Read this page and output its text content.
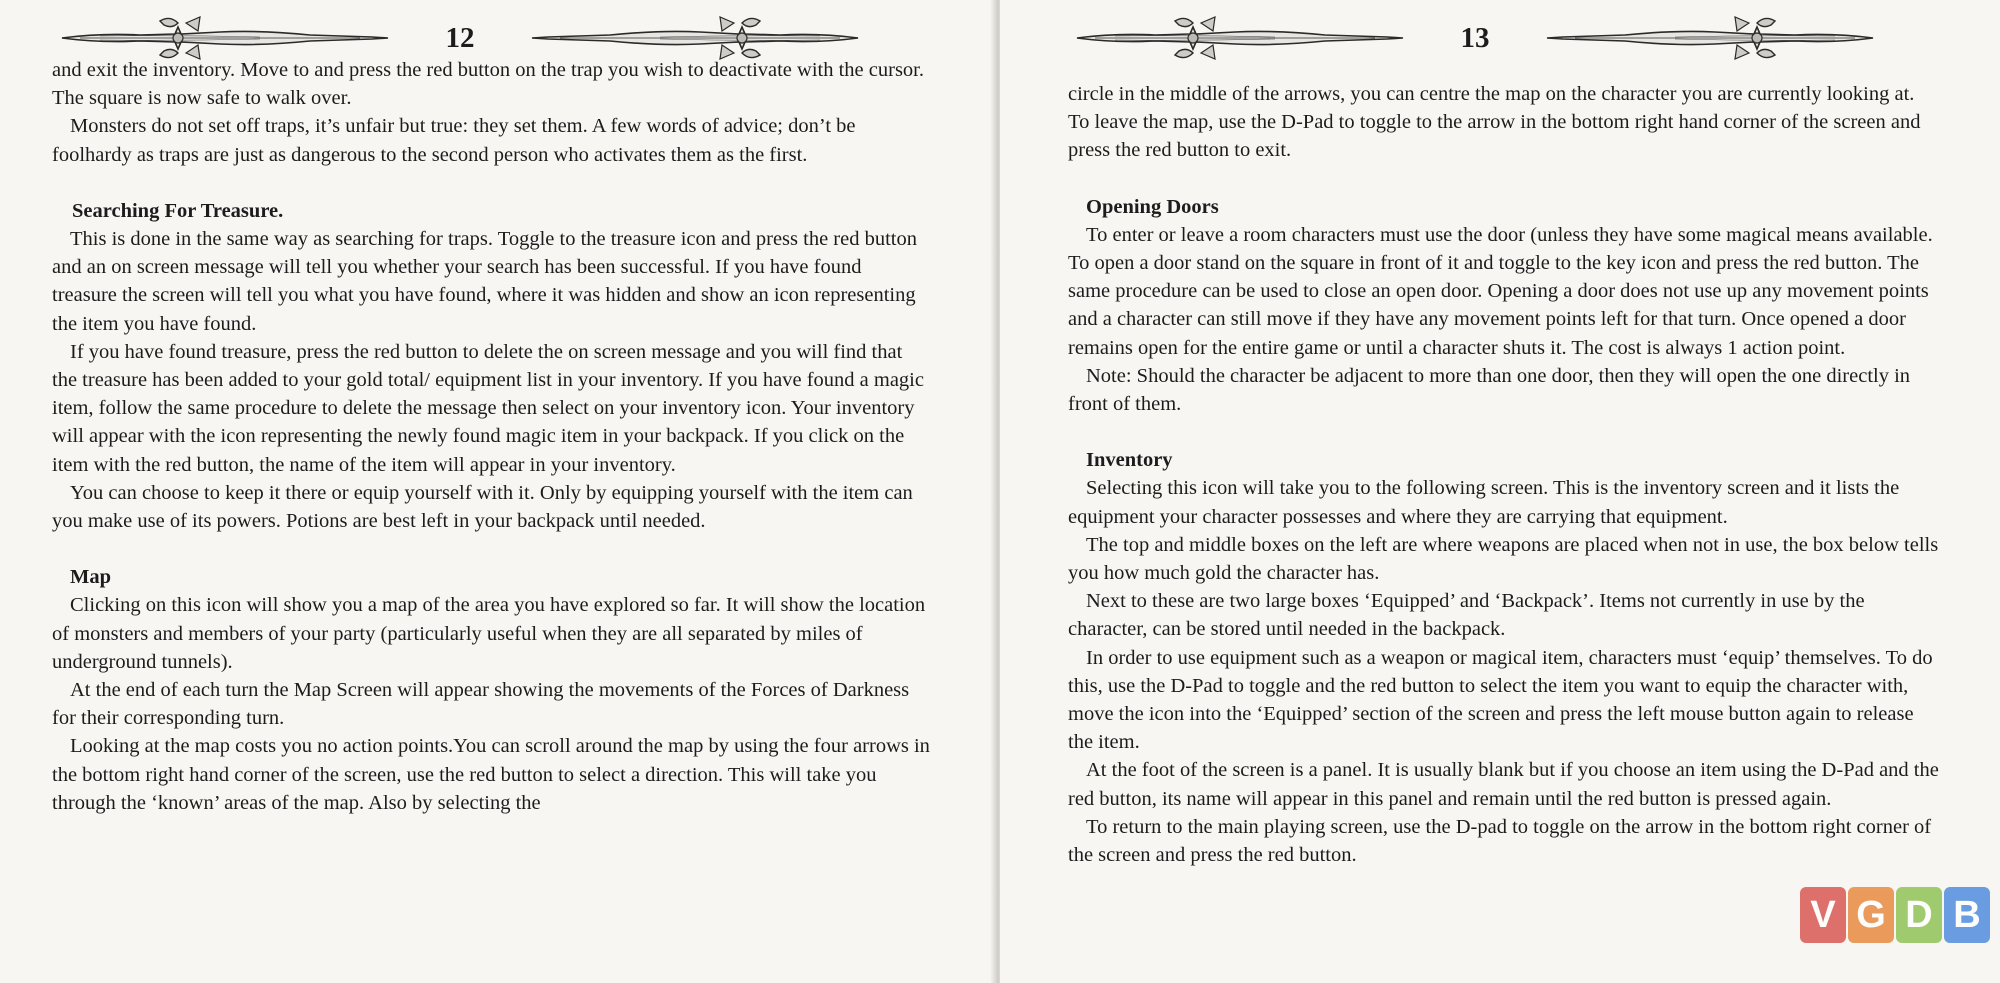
12

and exit the inventory. Move to and press the red button on the trap you wish to deactivate with the cursor. The square is now safe to walk over.

Monsters do not set off traps, it’s unfair but true: they set them. A few words of advice; don’t be foolhardy as traps are just as dangerous to the second person who activates them as the first.

Searching For Treasure.

This is done in the same way as searching for traps. Toggle to the treasure icon and press the red button and an on screen message will tell you whether your search has been successful. If you have found treasure the screen will tell you what you have found, where it was hidden and show an icon representing the item you have found.

If you have found treasure, press the red button to delete the on screen message and you will find that the treasure has been added to your gold total/ equipment list in your inventory. If you have found a magic item, follow the same procedure to delete the message then select on your inventory icon. Your inventory will appear with the icon representing the newly found magic item in your backpack. If you click on the item with the red button, the name of the item will appear in your inventory.

You can choose to keep it there or equip yourself with it. Only by equipping yourself with the item can you make use of its powers. Potions are best left in your backpack until needed.

Map

Clicking on this icon will show you a map of the area you have explored so far. It will show the location of monsters and members of your party (particularly useful when they are all separated by miles of underground tunnels).

At the end of each turn the Map Screen will appear showing the movements of the Forces of Darkness for their corresponding turn.

Looking at the map costs you no action points.You can scroll around the map by using the four arrows in the bottom right hand corner of the screen, use the red button to select a direction. This will take you through the ‘known’ areas of the map. Also by selecting the

13

circle in the middle of the arrows, you can centre the map on the character you are currently looking at. To leave the map, use the D-Pad to toggle to the arrow in the bottom right hand corner of the screen and press the red button to exit.

Opening Doors

To enter or leave a room characters must use the door (unless they have some magical means available. To open a door stand on the square in front of it and toggle to the key icon and press the red button. The same procedure can be used to close an open door. Opening a door does not use up any movement points and a character can still move if they have any movement points left for that turn. Once opened a door remains open for the entire game or until a character shuts it. The cost is always 1 action point.

Note: Should the character be adjacent to more than one door, then they will open the one directly in front of them.

Inventory

Selecting this icon will take you to the following screen. This is the inventory screen and it lists the equipment your character possesses and where they are carrying that equipment.

The top and middle boxes on the left are where weapons are placed when not in use, the box below tells you how much gold the character has.

Next to these are two large boxes ‘Equipped’ and ‘Backpack’. Items not currently in use by the character, can be stored until needed in the backpack.

In order to use equipment such as a weapon or magical item, characters must ‘equip’ themselves. To do this, use the D-Pad to toggle and the red button to select the item you want to equip the character with, move the icon into the ‘Equipped’ section of the screen and press the left mouse button again to release the item.

At the foot of the screen is a panel. It is usually blank but if you choose an item using the D-Pad and the red button, its name will appear in this panel and remain until the red button is pressed again.

To return to the main playing screen, use the D-pad to toggle on the arrow in the bottom right corner of the screen and press the red button.

V G D B
